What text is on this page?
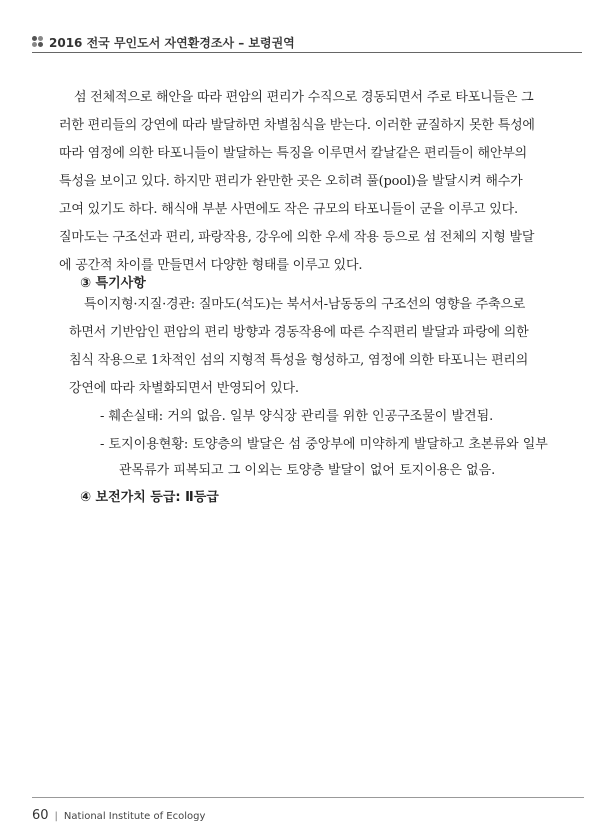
2016 전국 무인도서 자연환경조사 – 보령권역
섬 전체적으로 해안을 따라 편암의 편리가 수직으로 경동되면서 주로 타포니들은 그
러한 편리들의 강연에 따라 발달하면 차별침식을 받는다. 이러한 균질하지 못한 특성에
따라 염정에 의한 타포니들이 발달하는 특징을 이루면서 칼날같은 편리들이 해안부의
특성을 보이고 있다. 하지만 편리가 완만한 곳은 오히려 풀(pool)을 발달시켜 해수가
고여 있기도 하다. 해식애 부분 사면에도 작은 규모의 타포니들이 군을 이루고 있다.
질마도는 구조선과 편리, 파랑작용, 강우에 의한 우세 작용 등으로 섬 전체의 지형 발달
에 공간적 차이를 만들면서 다양한 형태를 이루고 있다.
③ 특기사항
특이지형·지질·경관: 질마도(석도)는 북서서-남동동의 구조선의 영향을 주축으로
하면서 기반암인 편암의 편리 방향과 경동작용에 따른 수직편리 발달과 파랑에 의한
침식 작용으로 1차적인 섬의 지형적 특성을 형성하고, 염정에 의한 타포니는 편리의
강연에 따라 차별화되면서 반영되어 있다.
- 훼손실태: 거의 없음. 일부 양식장 관리를 위한 인공구조물이 발견됨.
- 토지이용현황: 토양층의 발달은 섬 중앙부에 미약하게 발달하고 초본류와 일부
관목류가 피복되고 그 이외는 토양층 발달이 없어 토지이용은 없음.
④ 보전가치 등급: Ⅱ등급
60 | National Institute of Ecology
